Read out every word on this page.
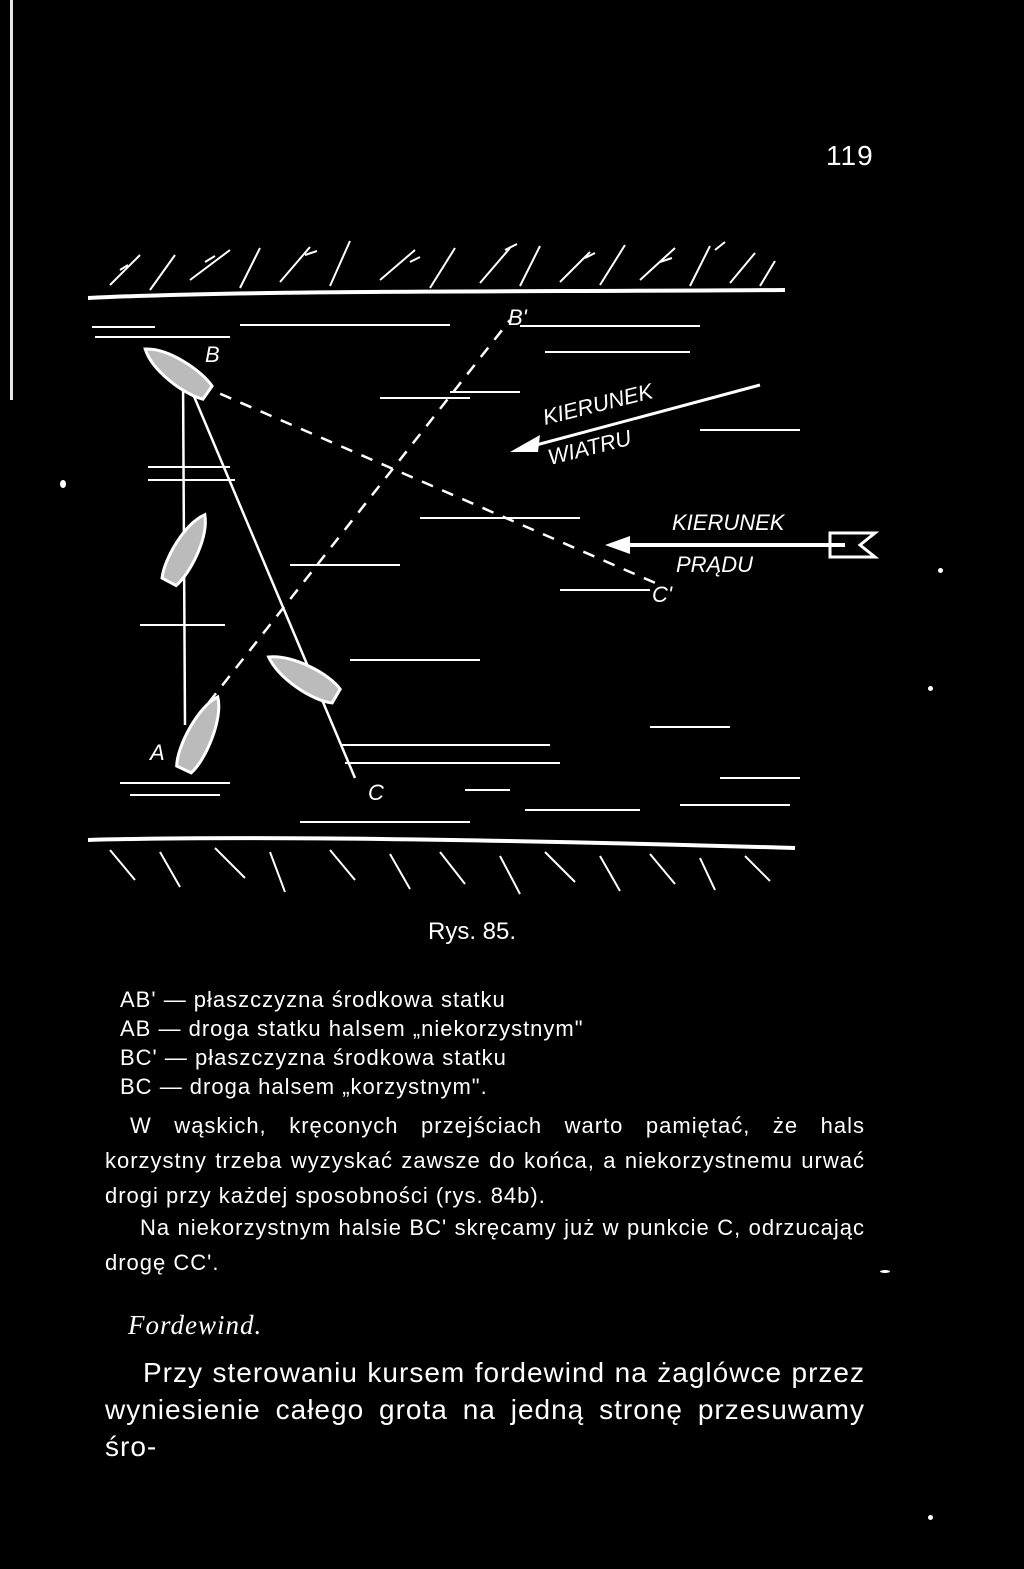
119
B
B'
A
C
C'
KIERUNEK
WIATRU
KIERUNEK
PRĄDU
Rys. 85.
AB' — płaszczyzna środkowa statku
AB — droga statku halsem „niekorzystnym"
BC' — płaszczyzna środkowa statku
BC — droga halsem „korzystnym".

W wąskich, kręconych przejściach warto pamiętać, że hals korzystny trzeba wyzyskać zawsze do końca, a niekorzystnemu urwać drogi przy każdej sposobności (rys. 84b).

Na niekorzystnym halsie BC' skręcamy już w punkcie C, odrzucając drogę CC'.

Fordewind.

Przy sterowaniu kursem fordewind na żaglówce przez wyniesienie całego grota na jedną stronę przesuwamy śro-
